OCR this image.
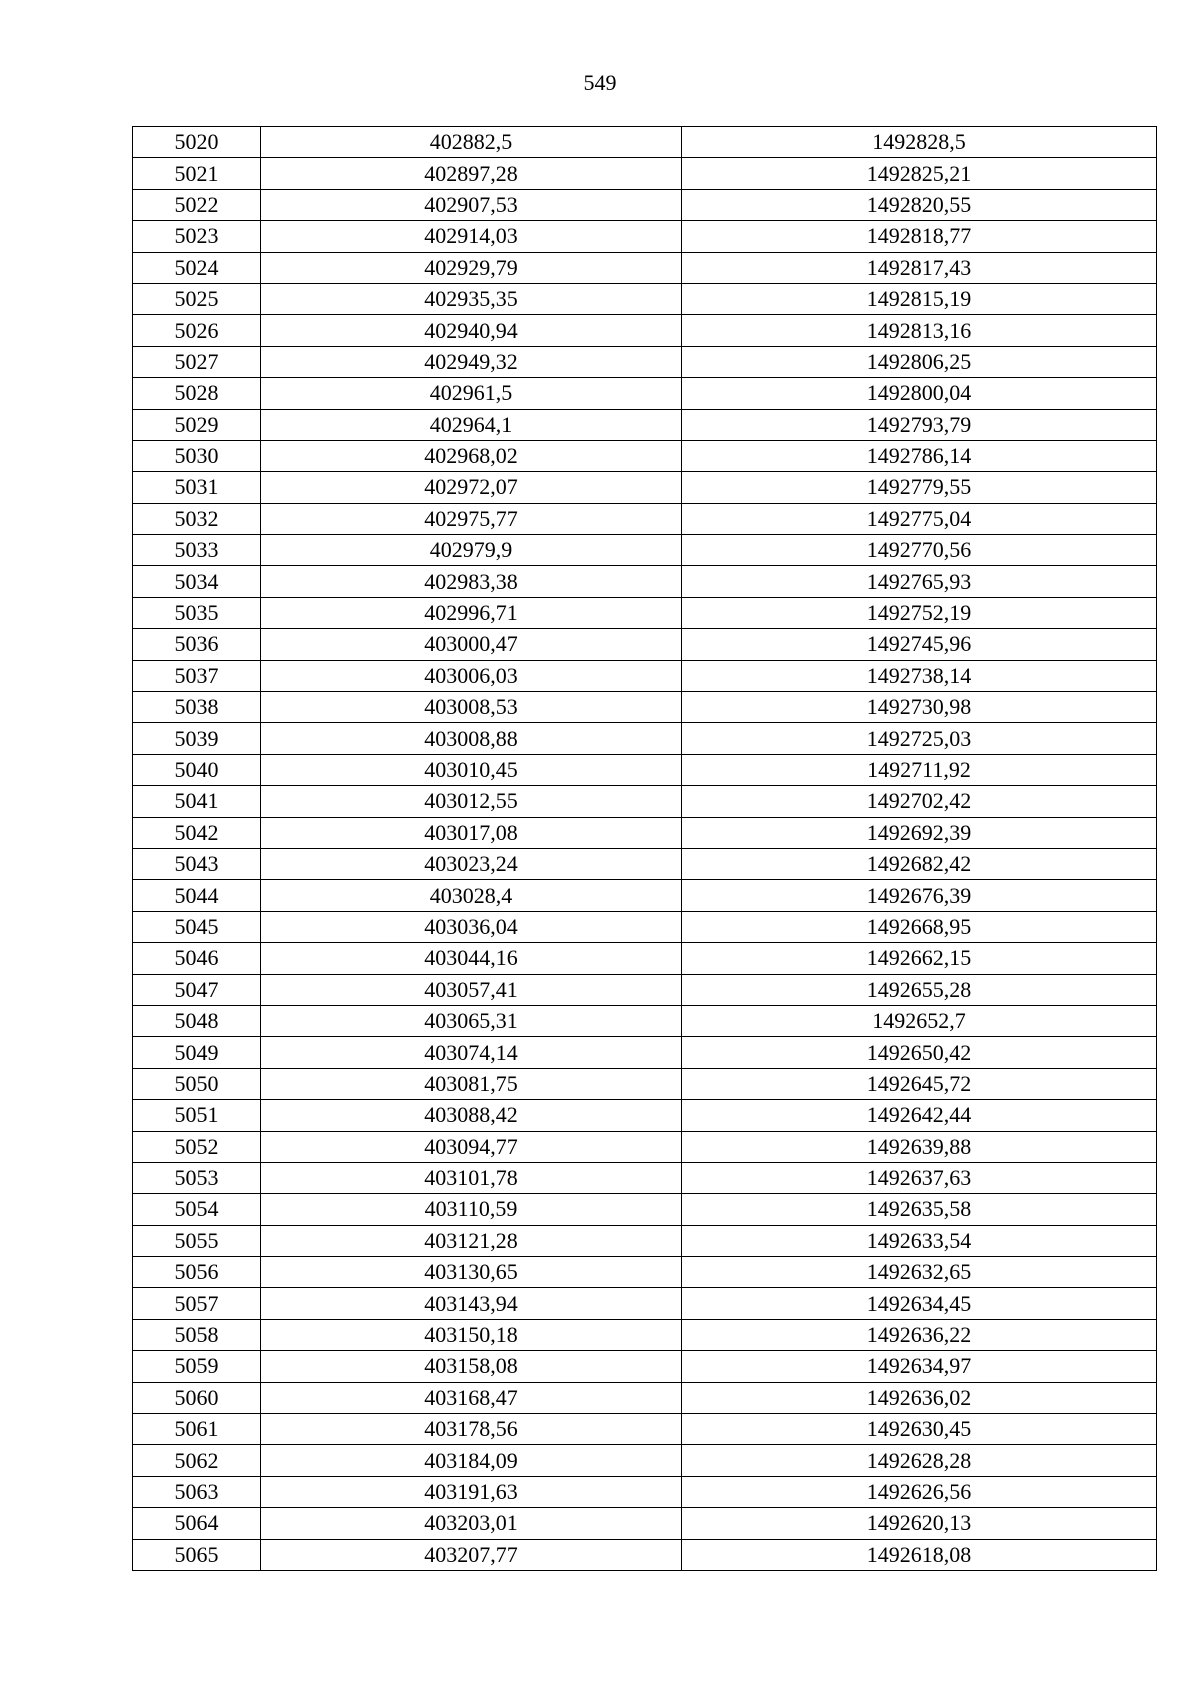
549
5020	402882,5	1492828,5
5021	402897,28	1492825,21
5022	402907,53	1492820,55
5023	402914,03	1492818,77
5024	402929,79	1492817,43
5025	402935,35	1492815,19
5026	402940,94	1492813,16
5027	402949,32	1492806,25
5028	402961,5	1492800,04
5029	402964,1	1492793,79
5030	402968,02	1492786,14
5031	402972,07	1492779,55
5032	402975,77	1492775,04
5033	402979,9	1492770,56
5034	402983,38	1492765,93
5035	402996,71	1492752,19
5036	403000,47	1492745,96
5037	403006,03	1492738,14
5038	403008,53	1492730,98
5039	403008,88	1492725,03
5040	403010,45	1492711,92
5041	403012,55	1492702,42
5042	403017,08	1492692,39
5043	403023,24	1492682,42
5044	403028,4	1492676,39
5045	403036,04	1492668,95
5046	403044,16	1492662,15
5047	403057,41	1492655,28
5048	403065,31	1492652,7
5049	403074,14	1492650,42
5050	403081,75	1492645,72
5051	403088,42	1492642,44
5052	403094,77	1492639,88
5053	403101,78	1492637,63
5054	403110,59	1492635,58
5055	403121,28	1492633,54
5056	403130,65	1492632,65
5057	403143,94	1492634,45
5058	403150,18	1492636,22
5059	403158,08	1492634,97
5060	403168,47	1492636,02
5061	403178,56	1492630,45
5062	403184,09	1492628,28
5063	403191,63	1492626,56
5064	403203,01	1492620,13
5065	403207,77	1492618,08
